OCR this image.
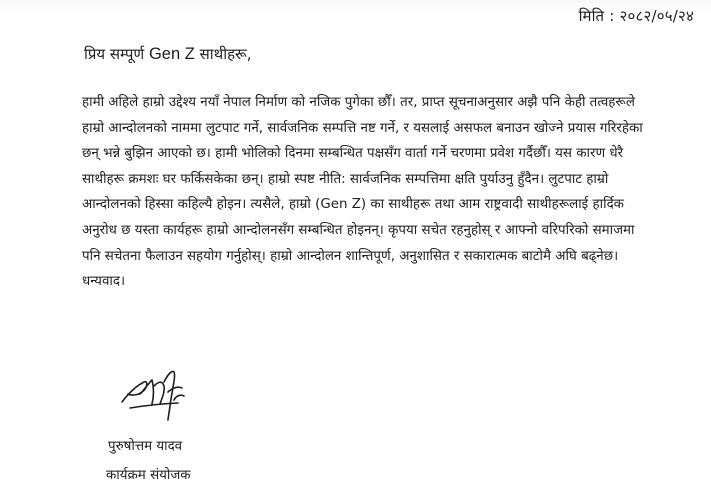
मिति : २०८२/०५/२४
प्रिय सम्पूर्ण Gen Z साथीहरू,
हामी अहिले हाम्रो उद्देश्य नयाँ नेपाल निर्माण को नजिक पुगेका छौँ। तर, प्राप्त सूचनाअनुसार अझै पनि केही तत्वहरूले
हाम्रो आन्दोलनको नाममा लुटपाट गर्ने, सार्वजनिक सम्पत्ति नष्ट गर्ने, र यसलाई असफल बनाउन खोज्ने प्रयास गरिरहेका
छन् भन्ने बुझिन आएको छ। हामी भोलिको दिनमा सम्बन्धित पक्षसँग वार्ता गर्ने चरणमा प्रवेश गर्दैछौँ। यस कारण धेरै
साथीहरू क्रमशः घर फर्किसकेका छन्। हाम्रो स्पष्ट नीति: सार्वजनिक सम्पत्तिमा क्षति पुर्याउनु हुँदैन। लुटपाट हाम्रो
आन्दोलनको हिस्सा कहिल्यै होइन। त्यसैले, हाम्रो (Gen Z) का साथीहरू तथा आम राष्ट्रवादी साथीहरूलाई हार्दिक
अनुरोध छ यस्ता कार्यहरू हाम्रो आन्दोलनसँग सम्बन्धित होइनन्। कृपया सचेत रहनुहोस् र आफ्नो वरिपरिको समाजमा
पनि सचेतना फैलाउन सहयोग गर्नुहोस्। हाम्रो आन्दोलन शान्तिपूर्ण, अनुशासित र सकारात्मक बाटोमै अघि बढ्नेछ।
धन्यवाद।
पुरुषोत्तम यादव
कार्यक्रम संयोजक
